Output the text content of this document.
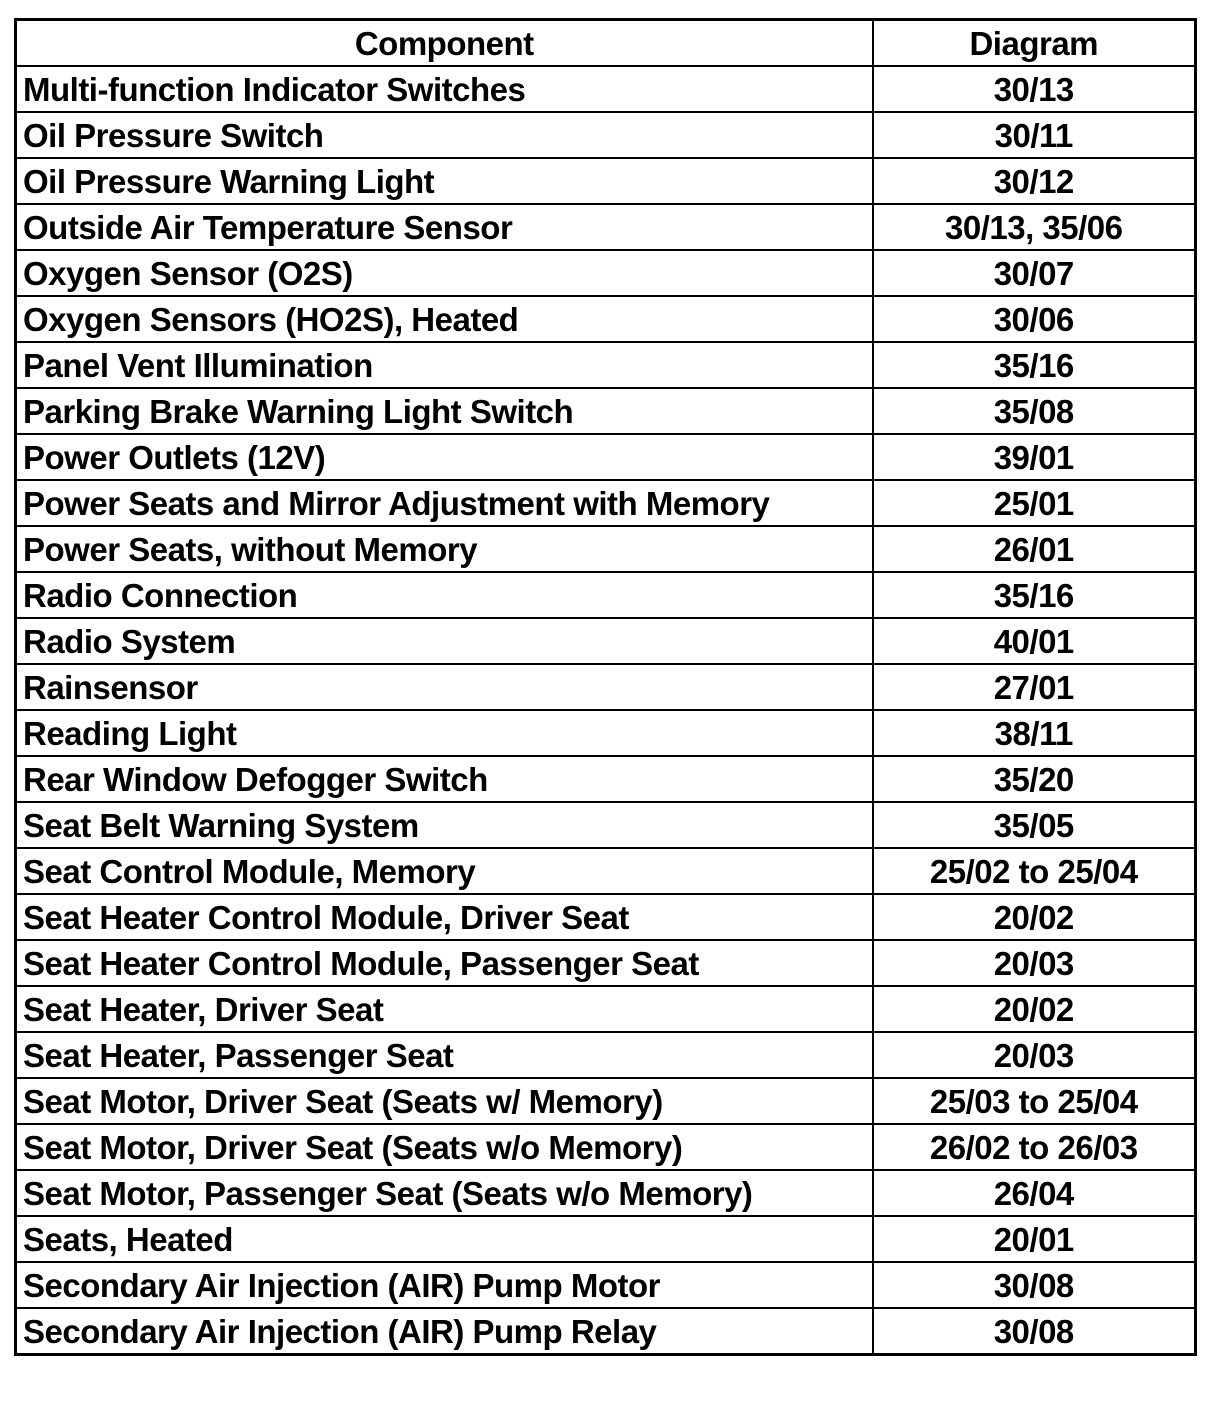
Component	Diagram
Multi-function Indicator Switches	30/13
Oil Pressure Switch	30/11
Oil Pressure Warning Light	30/12
Outside Air Temperature Sensor	30/13, 35/06
Oxygen Sensor (O2S)	30/07
Oxygen Sensors (HO2S), Heated	30/06
Panel Vent Illumination	35/16
Parking Brake Warning Light Switch	35/08
Power Outlets (12V)	39/01
Power Seats and Mirror Adjustment with Memory	25/01
Power Seats, without Memory	26/01
Radio Connection	35/16
Radio System	40/01
Rainsensor	27/01
Reading Light	38/11
Rear Window Defogger Switch	35/20
Seat Belt Warning System	35/05
Seat Control Module, Memory	25/02 to 25/04
Seat Heater Control Module, Driver Seat	20/02
Seat Heater Control Module, Passenger Seat	20/03
Seat Heater, Driver Seat	20/02
Seat Heater, Passenger Seat	20/03
Seat Motor, Driver Seat (Seats w/ Memory)	25/03 to 25/04
Seat Motor, Driver Seat (Seats w/o Memory)	26/02 to 26/03
Seat Motor, Passenger Seat (Seats w/o Memory)	26/04
Seats, Heated	20/01
Secondary Air Injection (AIR) Pump Motor	30/08
Secondary Air Injection (AIR) Pump Relay	30/08
